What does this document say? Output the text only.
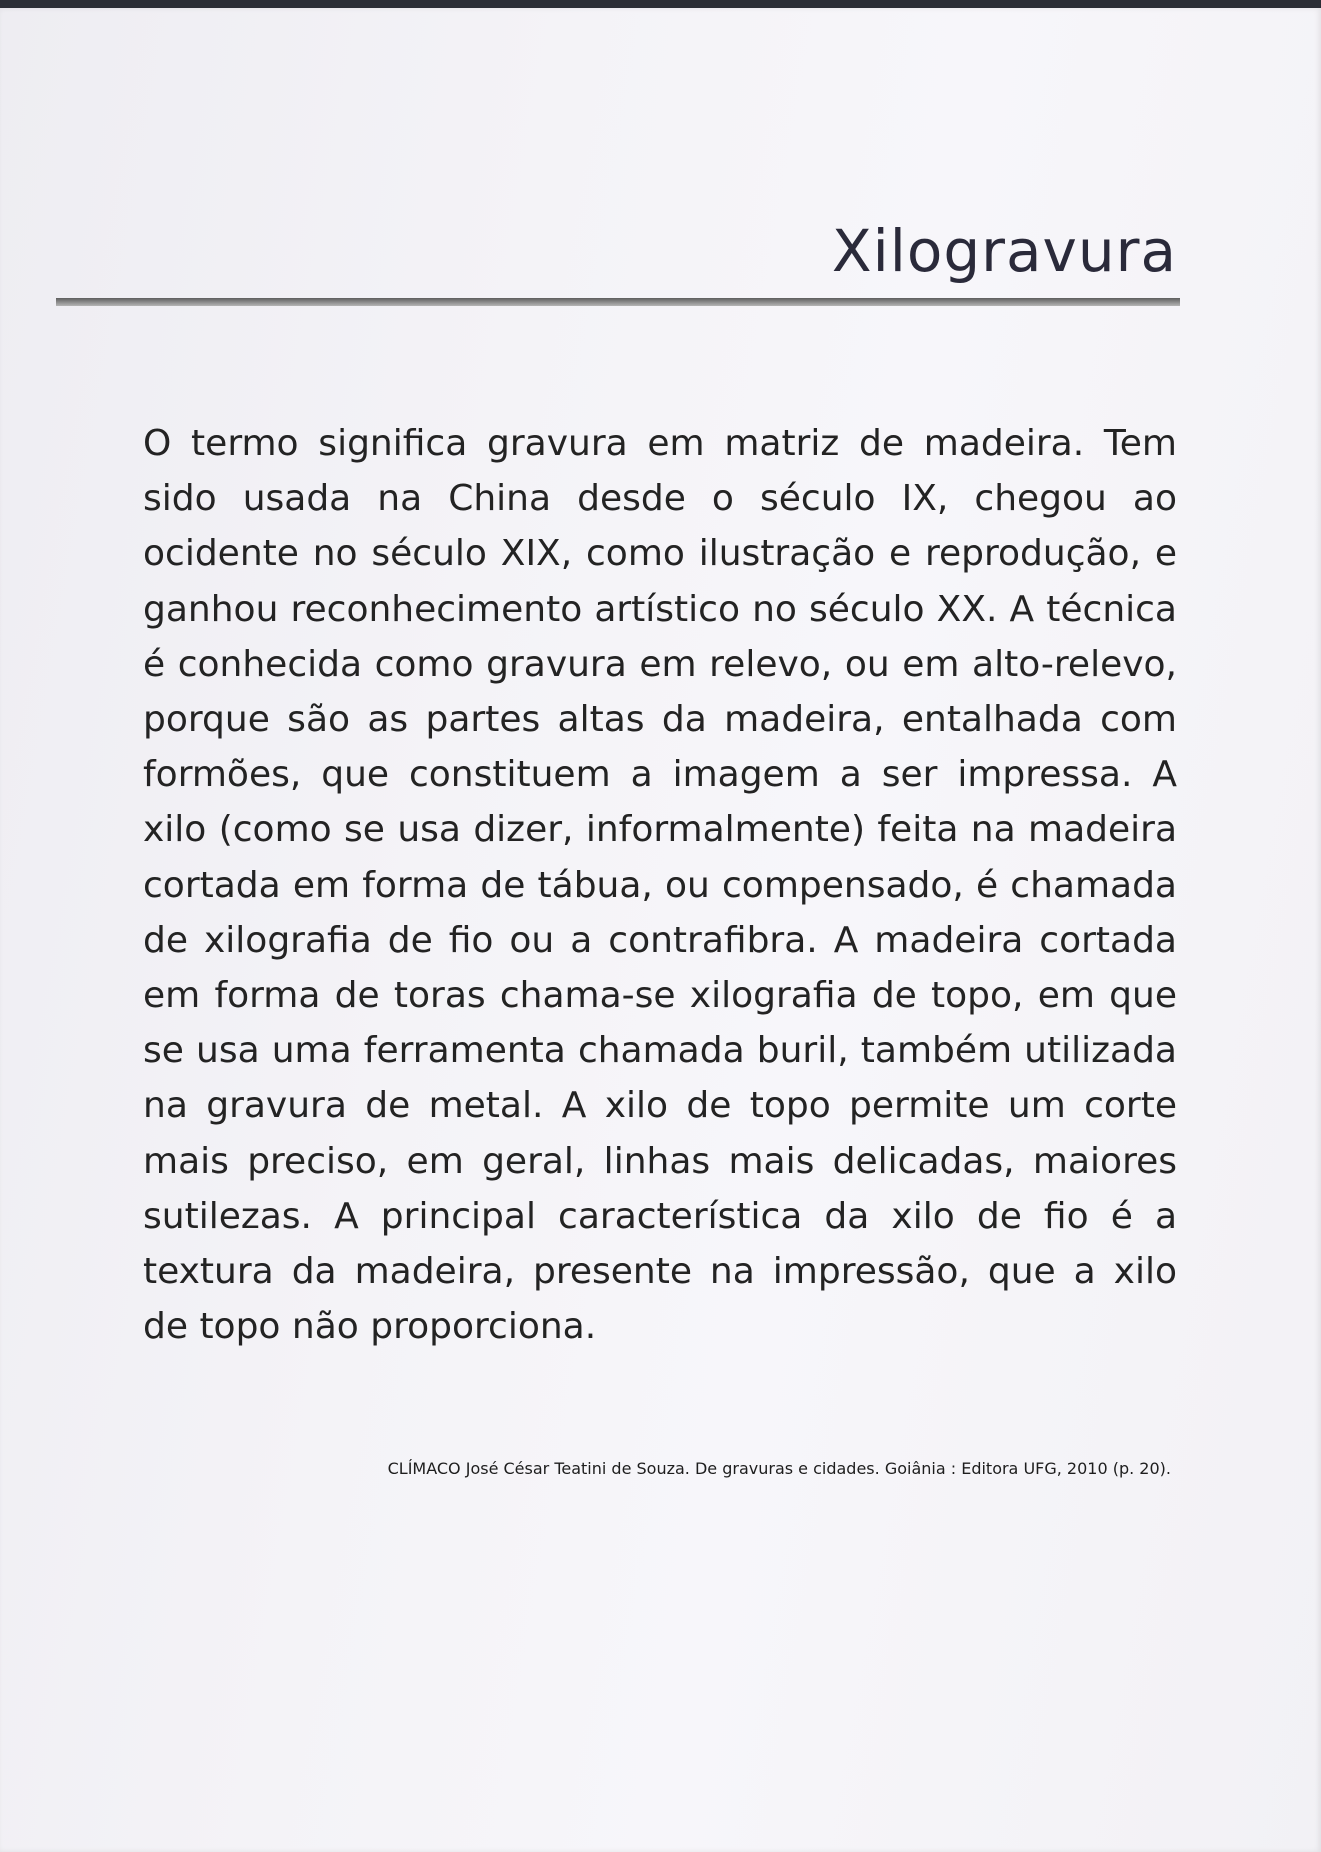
Xilogravura

O termo significa gravura em matriz de madeira. Tem sido usada na China desde o século IX, chegou ao ocidente no século XIX, como ilustração e reprodução, e ganhou reconhecimento artístico no século XX. A técnica é conhecida como gravura em relevo, ou em alto-relevo, porque são as partes altas da madeira, entalhada com formões, que constituem a imagem a ser impressa. A xilo (como se usa dizer, informalmente) feita na madeira cortada em forma de tábua, ou compensado, é chamada de xilografia de fio ou a contrafibra. A madeira cortada em forma de toras chama-se xilografia de topo, em que se usa uma ferramenta chamada buril, também utilizada na gravura de metal. A xilo de topo permite um corte mais preciso, em geral, linhas mais delicadas, maiores sutilezas. A principal característica da xilo de fio é a textura da madeira, presente na impressão, que a xilo de topo não proporciona.

CLÍMACO José César Teatini de Souza. De gravuras e cidades. Goiânia : Editora UFG, 2010 (p. 20).
